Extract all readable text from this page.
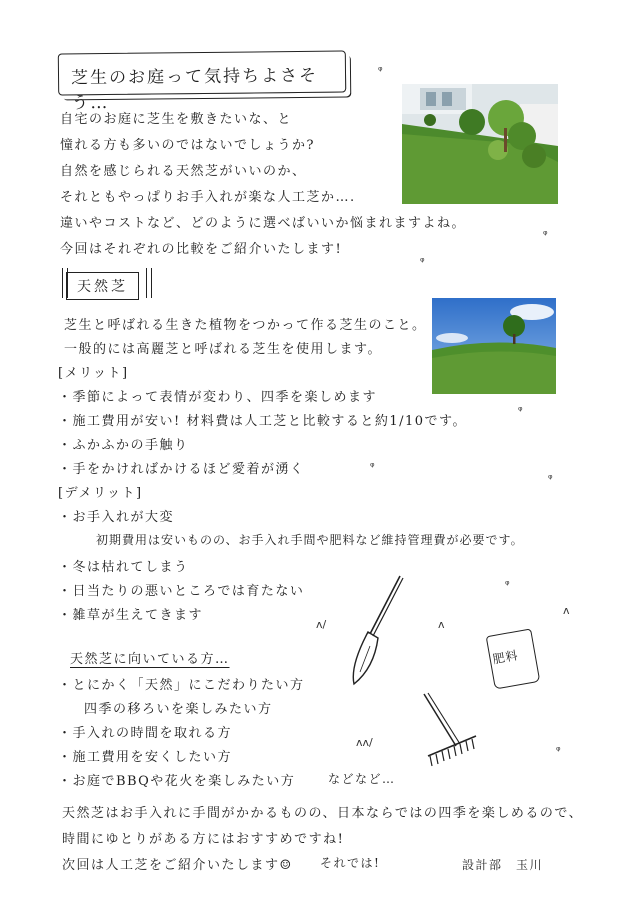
芝生のお庭って気持ちよさそう…
ᵠ
自宅のお庭に芝生を敷きたいな、と
憧れる方も多いのではないでしょうか?
自然を感じられる天然芝がいいのか、
それともやっぱりお手入れが楽な人工芝か….
違いやコストなど、どのように選べばいいか悩まれますよね。
今回はそれぞれの比較をご紹介いたします!
ᵠ
ᵠ
天然芝
芝生と呼ばれる生きた植物をつかって作る芝生のこと。
一般的には高麗芝と呼ばれる芝生を使用します。
[メリット]
・季節によって表情が変わり、四季を楽しめます
・施工費用が安い! 材料費は人工芝と比較すると約1/10です。
・ふかふかの手触り
・手をかければかけるほど愛着が湧く
ᵠ
ᵠ
ᵠ
[デメリット]
・お手入れが大変
初期費用は安いものの、お手入れ手間や肥料など維持管理費が必要です。
・冬は枯れてしまう
・日当たりの悪いところでは育たない
・雑草が生えてきます
ᵠ
ʌ/	ʌ
ʌ
肥料
天然芝に向いている方…
・とにかく「天然」にこだわりたい方
四季の移ろいを楽しみたい方
・手入れの時間を取れる方
・施工費用を安くしたい方
・お庭でBBQや花火を楽しみたい方	などなど…
ʌʌ/
ᵠ
天然芝はお手入れに手間がかかるものの、日本ならではの四季を楽しめるので、
時間にゆとりがある方にはおすすめですね!
次回は人工芝をご紹介いたします☺ それでは!	設計部　玉川
